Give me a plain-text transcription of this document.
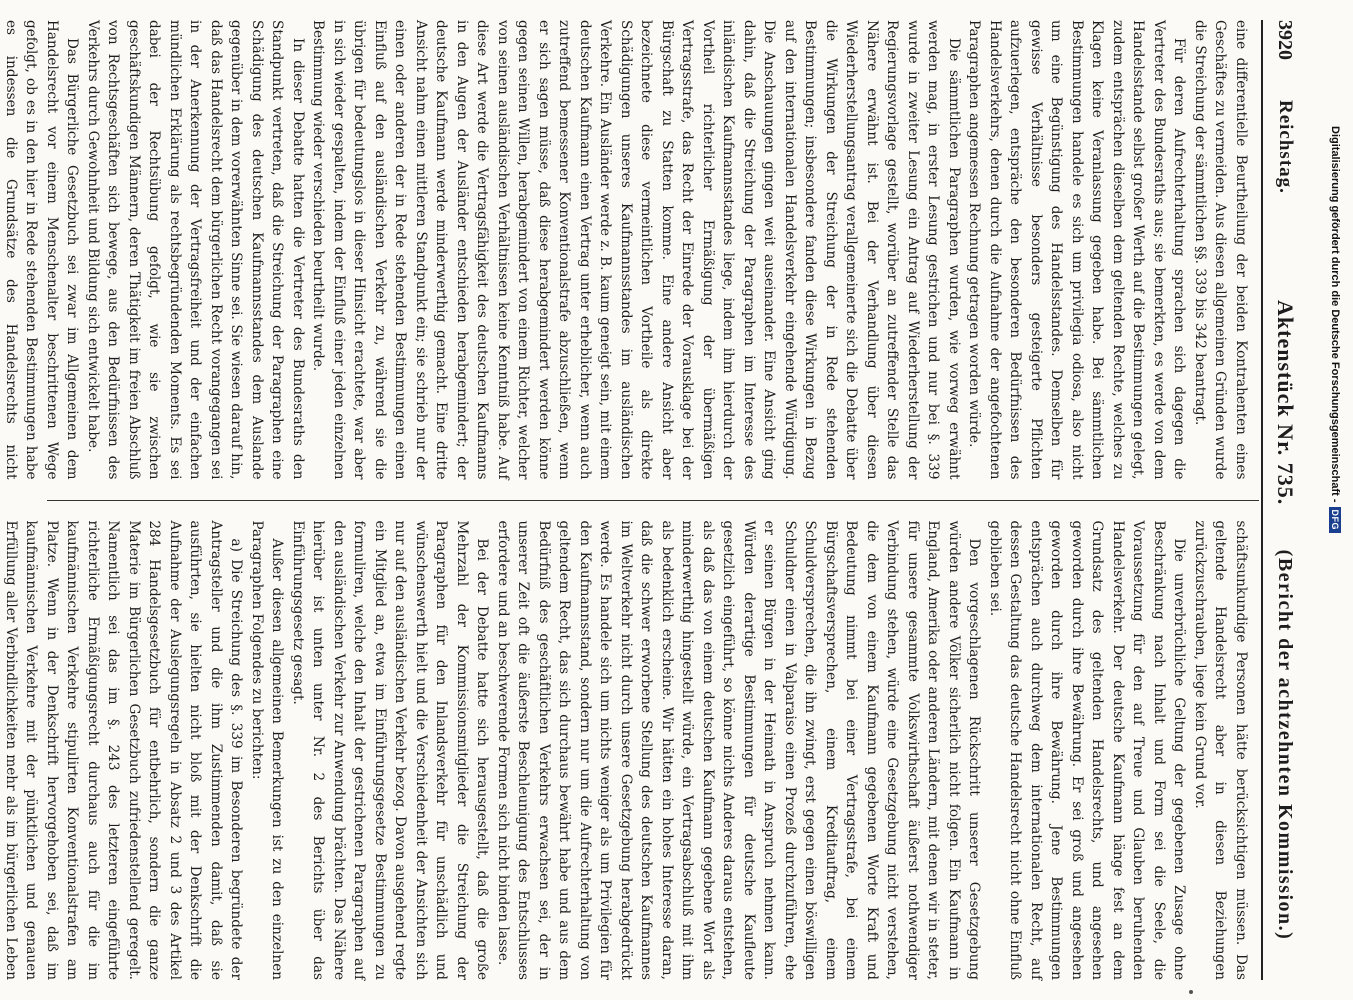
3920
Reichstag.
Aktenstück Nr. 735.
(Bericht der achtzehnten Kommission.)

eine differentielle Beurtheilung der beiden Kontrahenten eines Geschäftes zu vermeiden. Aus diesen allgemeinen Gründen wurde die Streichung der sämmtlichen §§. 339 bis 342 beantragt.

Für deren Aufrechterhaltung sprachen sich dagegen die Vertreter des Bundesraths aus; sie bemerkten, es werde von dem Handelsstande selbst großer Werth auf die Bestimmungen gelegt, zudem entsprächen dieselben dem geltenden Rechte, welches zu Klagen keine Veranlassung gegeben habe. Bei sämmtlichen Bestimmungen handele es sich um privilegia odiosa, also nicht um eine Begünstigung des Handelsstandes. Demselben für gewisse Verhältnisse besonders gesteigerte Pflichten aufzuerlegen, entspräche den besonderen Bedürfnissen des Handelsverkehrs, denen durch die Aufnahme der angefochtenen Paragraphen angemessen Rechnung getragen worden würde.

Die sämmtlichen Paragraphen wurden, wie vorweg erwähnt werden mag, in erster Lesung gestrichen und nur bei §. 339 wurde in zweiter Lesung ein Antrag auf Wiederherstellung der Regierungsvorlage gestellt, worüber an zutreffender Stelle das Nähere erwähnt ist. Bei der Verhandlung über diesen Wiederherstellungsantrag verallgemeinerte sich die Debatte über die Wirkungen der Streichung der in Rede stehenden Bestimmungen; insbesondere fanden diese Wirkungen in Bezug auf den internationalen Handelsverkehr eingehende Würdigung. Die Anschauungen gingen weit auseinander. Eine Ansicht ging dahin, daß die Streichung der Paragraphen im Interesse des inländischen Kaufmannsstandes liege, indem ihm hierdurch der Vortheil richterlicher Ermäßigung der übermäßigen Vertragsstrafe, das Recht der Einrede der Vorausklage bei der Bürgschaft zu Statten komme. Eine andere Ansicht aber bezeichnete diese vermeintlichen Vortheile als direkte Schädigungen unseres Kaufmannsstandes im ausländischen Verkehre. Ein Ausländer werde z. B. kaum geneigt sein, mit einem deutschen Kaufmann einen Vertrag unter erheblicher, wenn auch zutreffend bemessener Konventionalstrafe abzuschließen, wenn er sich sagen müsse, daß diese herabgemindert werden könne gegen seinen Willen, herabgemindert von einem Richter, welcher von seinen ausländischen Verhältnissen keine Kenntniß habe. Auf diese Art werde die Vertragsfähigkeit des deutschen Kaufmanns in den Augen der Ausländer entschieden herabgemindert; der deutsche Kaufmann werde minderwerthig gemacht. Eine dritte Ansicht nahm einen mittleren Standpunkt ein; sie schrieb nur der einen oder anderen der in Rede stehenden Bestimmungen einen Einfluß auf den ausländischen Verkehr zu, während sie die übrigen für bedeutungslos in dieser Hinsicht erachtete, war aber in sich wieder gespalten, indem der Einfluß einer jeden einzelnen Bestimmung wieder verschieden beurtheilt wurde.

In dieser Debatte hatten die Vertreter des Bundesraths den Standpunkt vertreten, daß die Streichung der Paragraphen eine Schädigung des deutschen Kaufmannsstandes dem Auslande gegenüber in dem vorerwähnten Sinne sei. Sie wiesen darauf hin, daß das Handelsrecht dem bürgerlichen Recht vorangegangen sei in der Anerkennung der Vertragsfreiheit und der einfachen mündlichen Erklärung als rechtsbegründenden Moments. Es sei dabei der Rechtsübung gefolgt, wie sie zwischen geschäftskundigen Männern, deren Thätigkeit im freien Abschluß von Rechtsgeschäften sich bewege, aus den Bedürfnissen des Verkehrs durch Gewohnheit und Bildung sich entwickelt habe.

Das Bürgerliche Gesetzbuch sei zwar im Allgemeinen dem Handelsrecht vor einem Menschenalter beschrittenen Wege gefolgt, ob es in den hier in Rede stehenden Bestimmungen habe es indessen die Grundsätze des Handelsrechts nicht

schäftsunkundige Personen hätte berücksichtigen müssen. Das geltende Handelsrecht aber in diesen Beziehungen zurückzuschrauben, liege kein Grund vor.

Die unverbrüchliche Geltung der gegebenen Zusage ohne Beschränkung nach Inhalt und Form sei die Seele, die Voraussetzung für den auf Treue und Glauben beruhenden Handelsverkehr. Der deutsche Kaufmann hänge fest an dem Grundsatz des geltenden Handelsrechts, und angesehen geworden durch ihre Bewährung. Er sei groß und angesehen geworden durch ihre Bewährung. Jene Bestimmungen entsprächen auch durchweg dem internationalen Recht, auf dessen Gestaltung das deutsche Handelsrecht nicht ohne Einfluß geblieben sei.

Den vorgeschlagenen Rückschritt unserer Gesetzgebung würden andere Völker sicherlich nicht folgen. Ein Kaufmann in England, Amerika oder anderen Ländern, mit denen wir in steter, für unsere gesammte Volkswirthschaft äußerst nothwendiger Verbindung stehen, würde eine Gesetzgebung nicht verstehen, die dem von einem Kaufmann gegebenen Worte Kraft und Bedeutung nimmt bei einer Vertragsstrafe, bei einem Bürgschaftsversprechen, einem Kreditauftrag, einem Schuldversprechen, die ihn zwingt, erst gegen einen böswilligen Schuldner einen in Valparaiso einen Prozeß durchzuführen, ehe er seinen Bürgen in der Heimath in Anspruch nehmen kann. Würden derartige Bestimmungen für deutsche Kaufleute gesetzlich eingeführt, so könne nichts Anderes daraus entstehen, als daß das von einem deutschen Kaufmann gegebene Wort als minderwerthig hingestellt würde, ein Vertragsabschluß mit ihm als bedenklich erscheine. Wir hätten ein hohes Interesse daran, daß die schwer erworbene Stellung des deutschen Kaufmannes im Weltverkehr nicht durch unsere Gesetzgebung herabgedrückt werde. Es handele sich um nichts weniger als um Privilegien für den Kaufmannsstand, sondern nur um die Aufrechterhaltung von geltendem Recht, das sich durchaus bewährt habe und aus dem Bedürfniß des geschäftlichen Verkehrs erwachsen sei, der in unserer Zeit oft die äußerste Beschleunigung des Entschlusses erfordere und an beschwerende Formen sich nicht binden lasse.

Bei der Debatte hatte sich herausgestellt, daß die große Mehrzahl der Kommissionsmitglieder die Streichung der Paragraphen für den Inlandsverkehr für unschädlich und wünschenswerth hielt und die Verschiedenheit der Ansichten sich nur auf den ausländischen Verkehr bezog. Davon ausgehend regte ein Mitglied an, etwa im Einführungsgesetze Bestimmungen zu formuliren, welche den Inhalt der gestrichenen Paragraphen auf den ausländischen Verkehr zur Anwendung brächten. Das Nähere hierüber ist unten unter Nr. 2 des Berichts über das Einführungsgesetz gesagt.

Außer diesen allgemeinen Bemerkungen ist zu den einzelnen Paragraphen Folgendes zu berichten:

a) Die Streichung des §. 339 im Besonderen begründete der Antragsteller und die ihm Zustimmenden damit, daß sie ausführten, sie hielten nicht bloß mit der Denkschrift die Aufnahme der Auslegungsregeln in Absatz 2 und 3 des Artikel 284 Handelsgesetzbuch für entbehrlich, sondern die ganze Materie im Bürgerlichen Gesetzbuch zufriedenstellend geregelt. Namentlich sei das im §. 243 des letzteren eingeführte richterliche Ermäßigungsrecht durchaus auch für die im kaufmännischen Verkehre stipulirten Konventionalstrafen am Platze. Wenn in der Denkschrift hervorgehoben sei, daß im kaufmännischen Verkehre mit der pünktlichen und genauen Erfüllung aller Verbindlichkeiten mehr als im bürgerlichen Leben

Digitalisierung gefördert durch die Deutsche Forschungsgemeinschaft -
DFG
